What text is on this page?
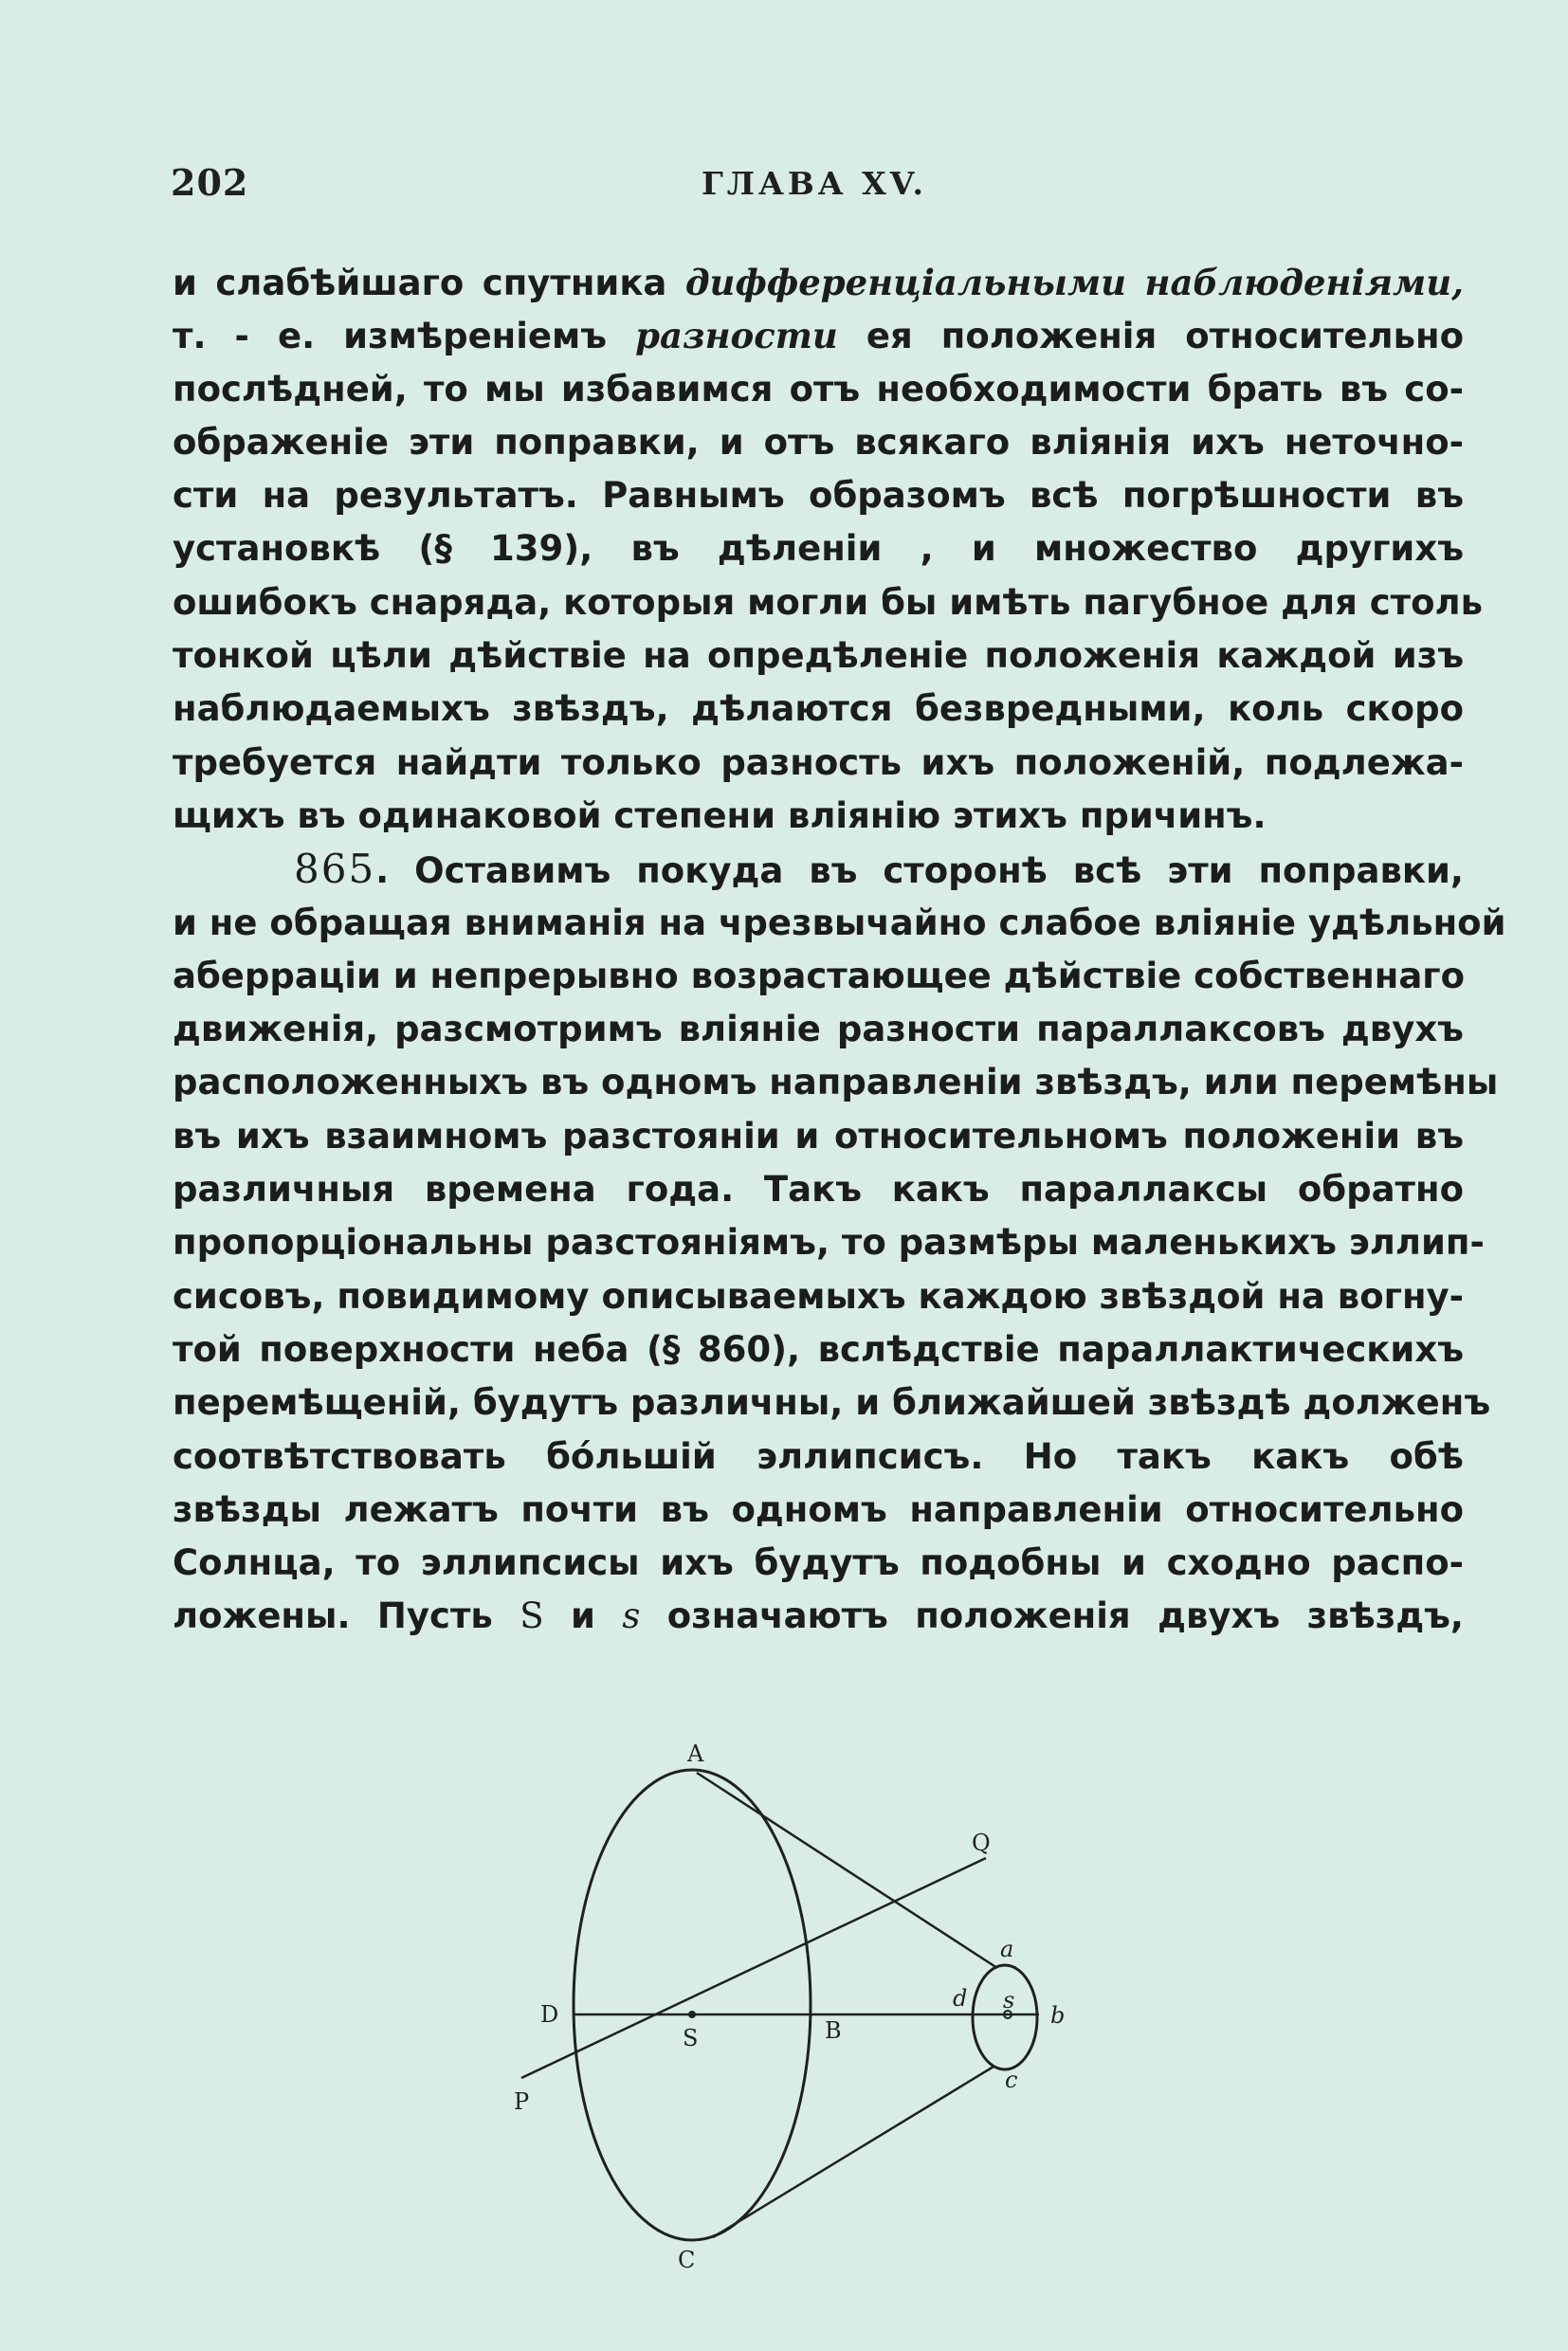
202	ГЛАВА XV.
и слабѣйшаго спутника дифференціальными наблюденіями,
т. - е. измѣреніемъ разности ея положенія относительно
послѣдней, то мы избавимся отъ необходимости брать въ со-
ображеніе эти поправки, и отъ всякаго вліянія ихъ неточно-
сти на результатъ. Равнымъ образомъ всѣ погрѣшности въ
установкѣ (§ 139), въ дѣленіи , и множество другихъ
ошибокъ снаряда, которыя могли бы имѣть пагубное для столь
тонкой цѣли дѣйствіе на опредѣленіе положенія каждой изъ
наблюдаемыхъ звѣздъ, дѣлаются безвредными, коль скоро
требуется найдти только разность ихъ положеній, подлежа-
щихъ въ одинаковой степени вліянію этихъ причинъ.
865. Оставимъ покуда въ сторонѣ всѣ эти поправки,
и не обращая вниманія на чрезвычайно слабое вліяніе удѣльной
аберраціи и непрерывно возрастающее дѣйствіе собственнаго
движенія, разсмотримъ вліяніе разности параллаксовъ двухъ
расположенныхъ въ одномъ направленіи звѣздъ, или перемѣны
въ ихъ взаимномъ разстояніи и относительномъ положеніи въ
различныя времена года. Такъ какъ параллаксы обратно
пропорціональны разстояніямъ, то размѣры маленькихъ эллип-
сисовъ, повидимому описываемыхъ каждою звѣздой на вогну-
той поверхности неба (§ 860), вслѣдствіе параллактическихъ
перемѣщеній, будутъ различны, и ближайшей звѣздѣ долженъ
соотвѣтствовать бóльшій эллипсисъ. Но такъ какъ обѣ
звѣзды лежатъ почти въ одномъ направленіи относительно
Солнца, то эллипсисы ихъ будутъ подобны и сходно распо-
ложены. Пусть S и s означаютъ положенія двухъ звѣздъ,
A
C
D
B
S
Q
P
a
b
c
d s
